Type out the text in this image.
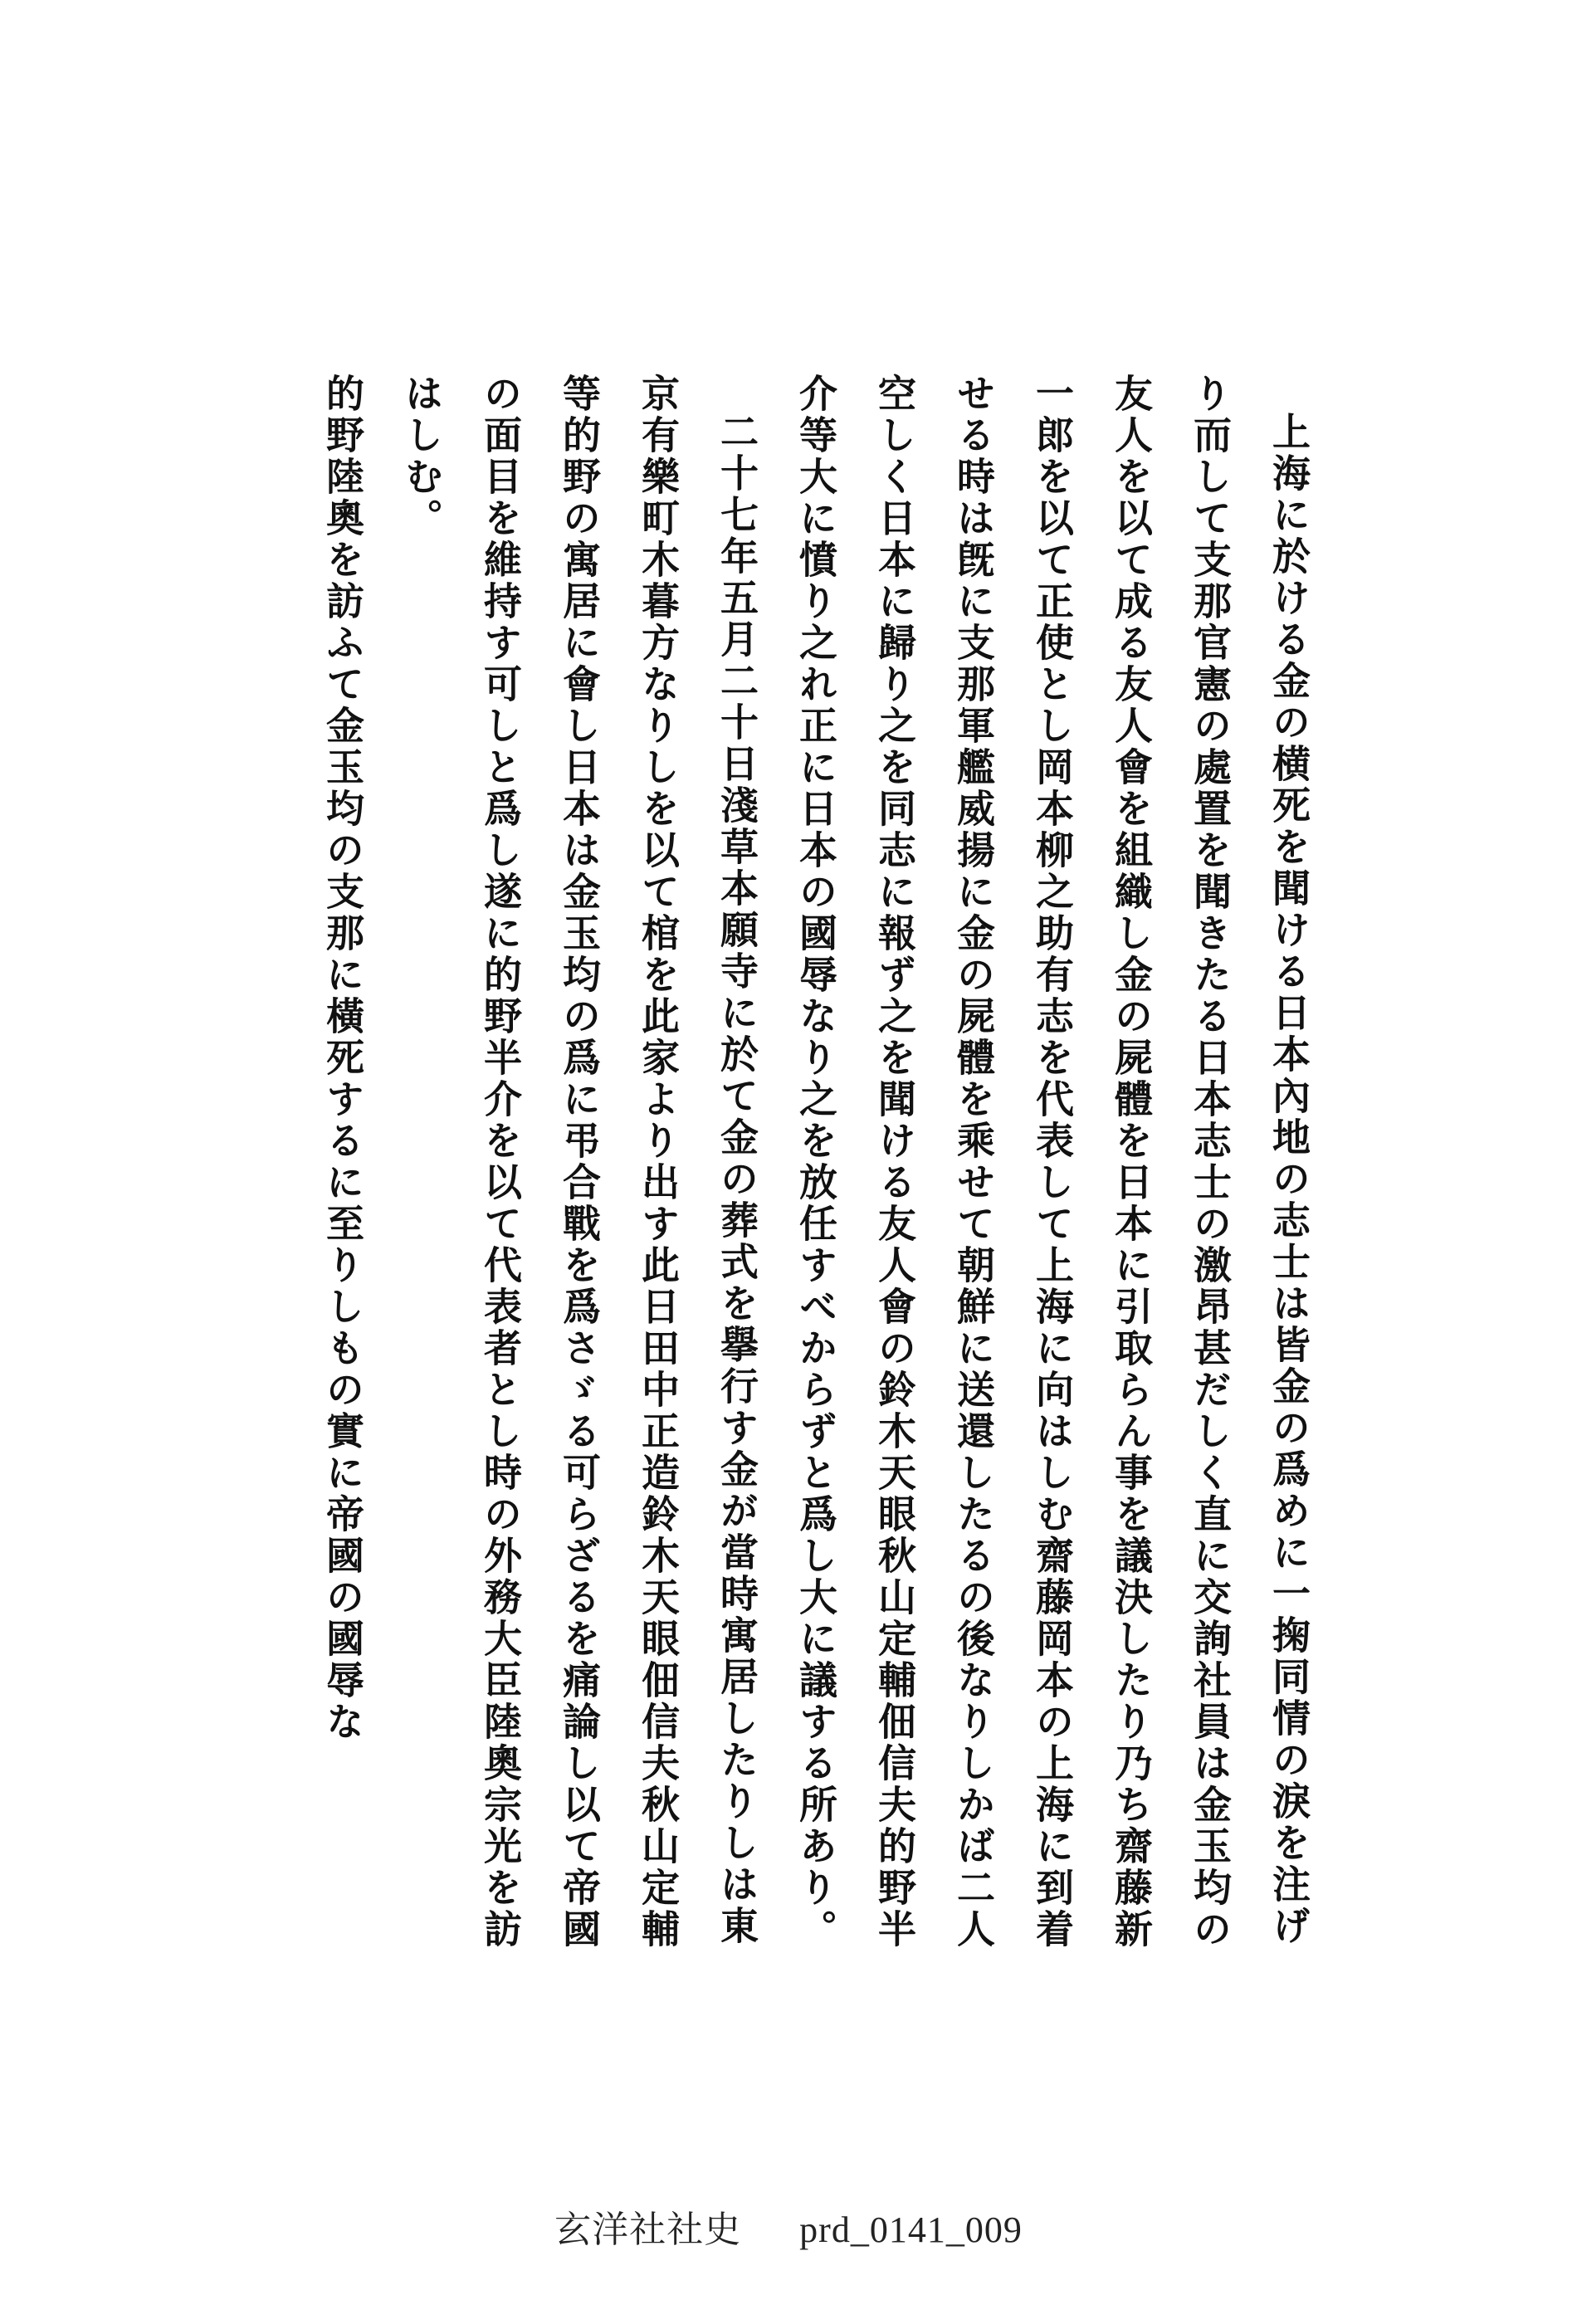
上海に於ける金の横死を聞ける日本內地の志士は皆金の爲めに一掬同情の淚を注げり而して支那官憲の處置を聞きたる日本志士の激昂甚だしく直に交詢社員は金玉均の友人を以て成る友人會を組織し金の屍體を日本に引取らん事を議決したり乃ち齋藤新一郎を以て正使とし岡本柳之助有志を代表して上海に向はしむ齋藤岡本の上海に到着せる時は旣に支那軍艦威揚に金の屍體を乘せて朝鮮に送還したるの後なりしかば二人空しく日本に歸り之を同志に報ず之を聞ける友人會の鈴木天眼秋山定輔佃信夫的野半介等大に憤り之れ正に日本の國辱なり之を放任すべからずと爲し大に議する所あり。

二十七年五月二十日淺草本願寺に於て金の葬式を擧行す金が當時寓居したりしは東京有樂町木暮方なりしを以て棺を此家より出す此日田中正造鈴木天眼佃信夫秋山定輔等的野の寓居に會し日本は金玉均の爲に弔合戰を爲さゞる可らざるを痛論し以て帝國の面目を維持す可しと爲し遂に的野半介を以て代表者とし時の外務大臣陸奧宗光を訪はしむ。

的野陸奧を訪ふて金玉均の支那に橫死するに至りしもの實に帝國の國辱な

玄洋社社史 prd_0141_009
